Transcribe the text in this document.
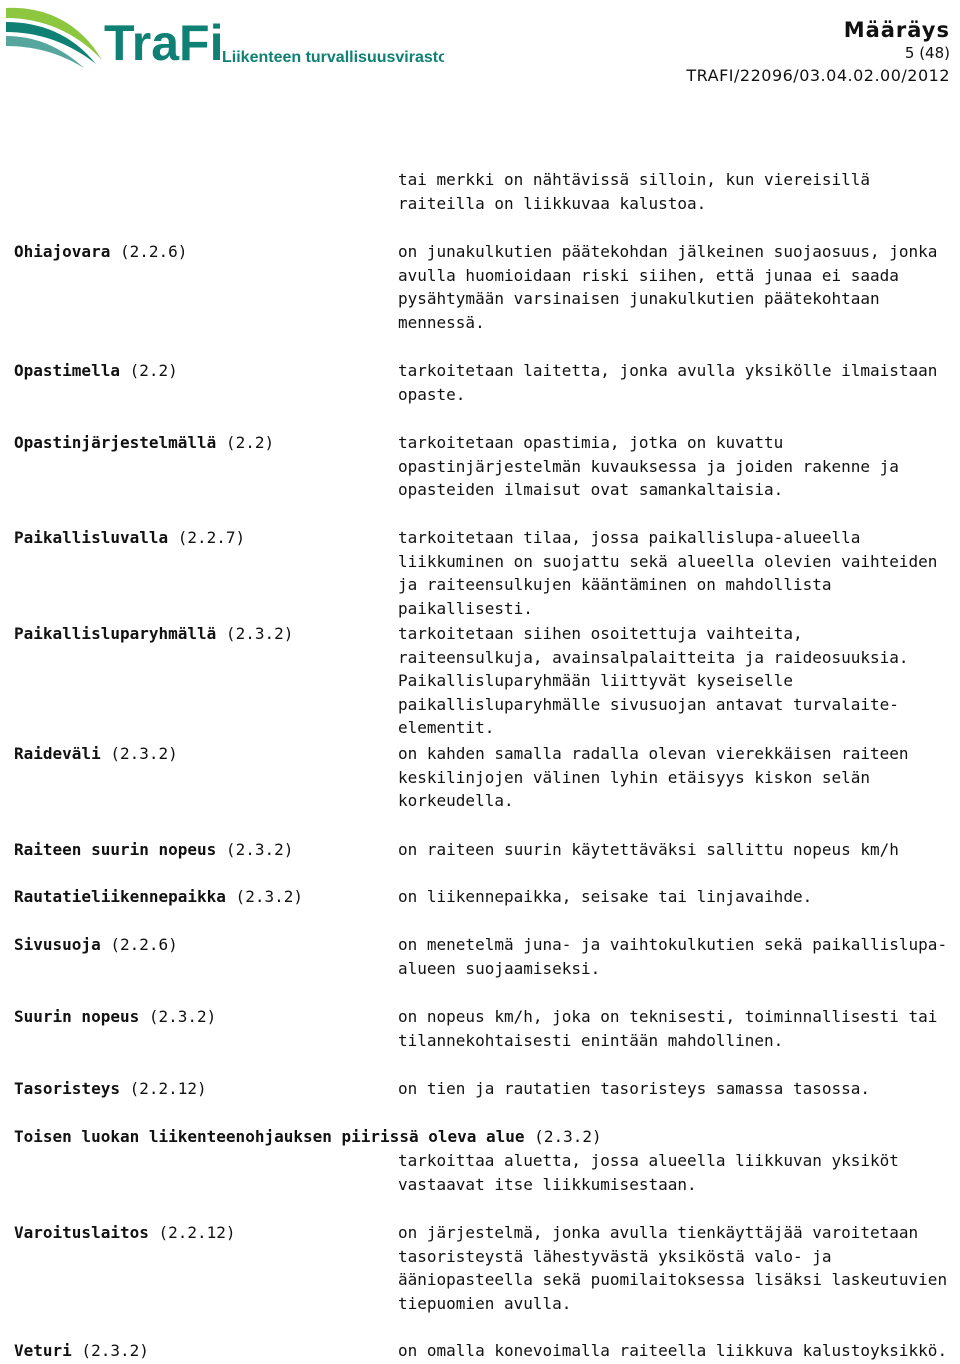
TraFi
Liikenteen turvallisuusvirasto
Määräys
5 (48)
TRAFI/22096/03.04.02.00/2012

tai merkki on nähtävissä silloin, kun viereisillä raiteilla on liikkuvaa kalustoa.

Ohiajovara (2.2.6)	on junakulkutien päätekohdan jälkeinen suojaosuus, jonka avulla huomioidaan riski siihen, että junaa ei saada pysähtymään varsinaisen junakulkutien päätekohtaan mennessä.

Opastimella (2.2)	tarkoitetaan laitetta, jonka avulla yksikölle ilmaistaan opaste.

Opastinjärjestelmällä (2.2)	tarkoitetaan opastimia, jotka on kuvattu opastinjärjestelmän kuvauksessa ja joiden rakenne ja opasteiden ilmaisut ovat samankaltaisia.

Paikallisluvalla (2.2.7)	tarkoitetaan tilaa, jossa paikallislupa-alueella liikkuminen on suojattu sekä alueella olevien vaihteiden ja raiteensulkujen kääntäminen on mahdollista paikallisesti.

Paikallisluparyhmällä (2.3.2)	tarkoitetaan siihen osoitettuja vaihteita, raiteensulkuja, avainsalpalaitteita ja raideosuuksia. Paikallisluparyhmään liittyvät kyseiselle paikallisluparyhmälle sivusuojan antavat turvalaite-elementit.

Raideväli (2.3.2)	on kahden samalla radalla olevan vierekkäisen raiteen keskilinjojen välinen lyhin etäisyys kiskon selän korkeudella.

Raiteen suurin nopeus (2.3.2)	on raiteen suurin käytettäväksi sallittu nopeus km/h

Rautatieliikennepaikka (2.3.2)	on liikennepaikka, seisake tai linjavaihde.

Sivusuoja (2.2.6)	on menetelmä juna- ja vaihtokulkutien sekä paikallislupa-alueen suojaamiseksi.

Suurin nopeus (2.3.2)	on nopeus km/h, joka on teknisesti, toiminnallisesti tai tilannekohtaisesti enintään mahdollinen.

Tasoristeys (2.2.12)	on tien ja rautatien tasoristeys samassa tasossa.

Toisen luokan liikenteenohjauksen piirissä oleva alue (2.3.2)

tarkoittaa aluetta, jossa alueella liikkuvan yksiköt vastaavat itse liikkumisestaan.

Varoituslaitos (2.2.12)	on järjestelmä, jonka avulla tienkäyttäjää varoitetaan tasoristeystä lähestyvästä yksiköstä valo- ja ääniopasteella sekä puomilaitoksessa lisäksi laskeutuvien tiepuomien avulla.

Veturi (2.3.2)	on omalla konevoimalla raiteella liikkuva kalustoyksikkö.
